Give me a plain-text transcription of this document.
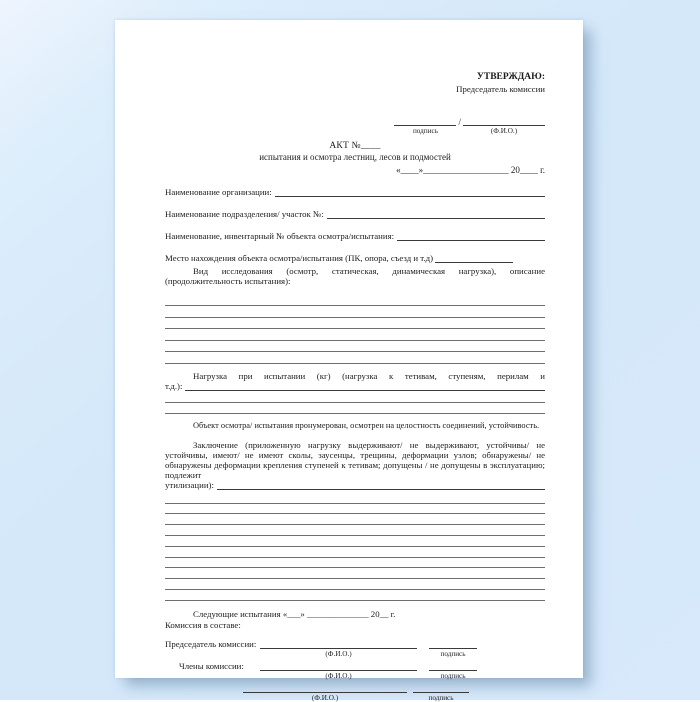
УТВЕРЖДАЮ:
Председатель комиссии
подпись
/
(Ф.И.О.)
АКТ №____
испытания и осмотра лестниц, лесов и подмостей
«____»___________________ 20____ г.
Наименование организации:
Наименование подразделения/ участок №:
Наименование, инвентарный № объекта осмотра/испытания:
Место нахождения объекта осмотра/испытания (ПК, опора, съезд и т.д)

Вид исследования (осмотр, статическая, динамическая нагрузка), описание (продолжительность испытания):

Нагрузка при испытании (кг) (нагрузка к тетивам, ступеням, перилам и
т.д.):

Объект осмотра/ испытания пронумерован, осмотрен на целостность соединений, устойчивость.

Заключение (приложенную нагрузку выдерживают/ не выдерживают, устойчивы/ не устойчивы, имеют/ не имеют сколы, заусенцы, трещины, деформации узлов; обнаружены/ не обнаружены деформации крепления ступеней к тетивам; допущены / не допущены в эксплуатацию; подлежит
утилизации):
Следующие испытания «___» ______________ 20__ г.
Комиссия в составе:
Председатель комиссии:
(Ф.И.О.)	подпись
Члены комиссии:
(Ф.И.О.)	подпись
(Ф.И.О.)	подпись
